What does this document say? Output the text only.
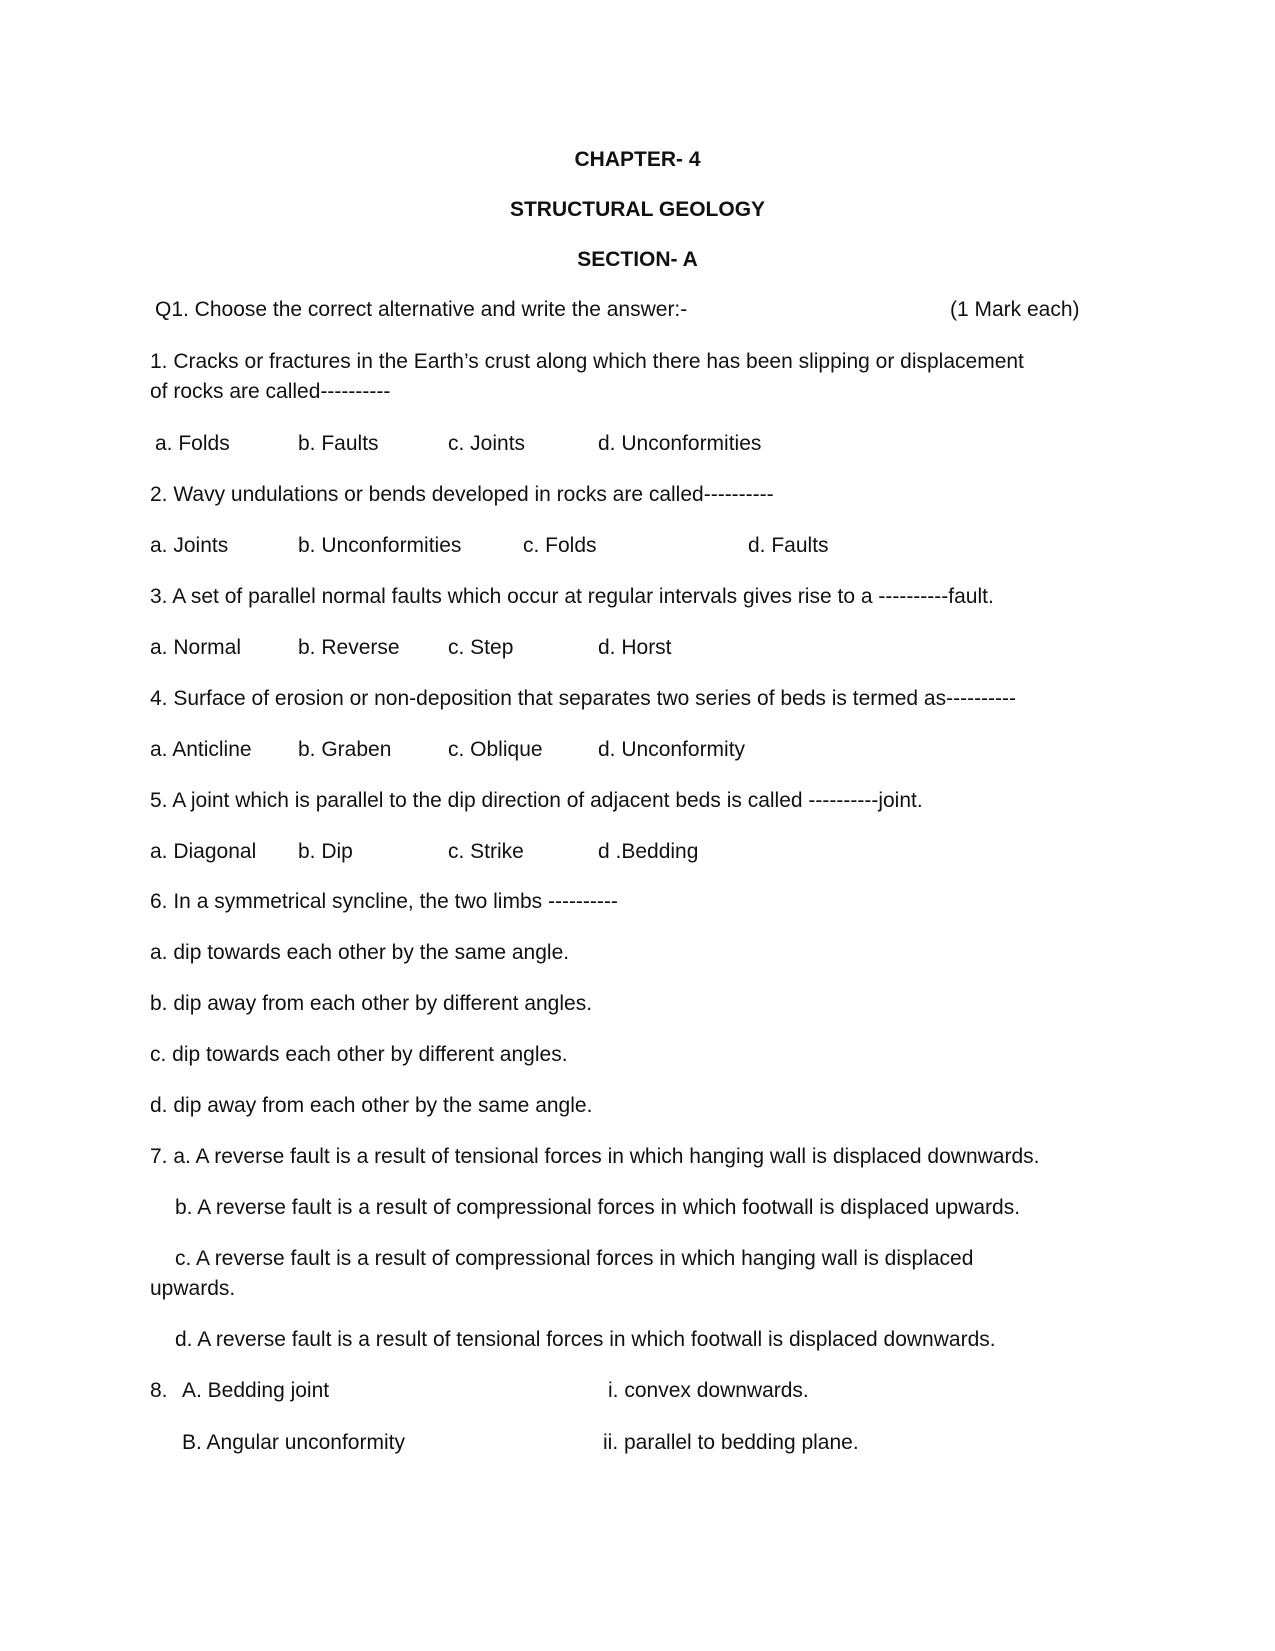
CHAPTER- 4
STRUCTURAL GEOLOGY
SECTION- A
Q1. Choose the correct alternative and write the answer:-	(1 Mark each)
1. Cracks or fractures in the Earth’s crust along which there has been slipping or displacement
of rocks are called----------
a. Folds	b. Faults	c. Joints	d. Unconformities
2. Wavy undulations or bends developed in rocks are called----------
a. Joints	b. Unconformities	c. Folds	d. Faults
3. A set of parallel normal faults which occur at regular intervals gives rise to a ----------fault.
a. Normal	b. Reverse c. Step	d. Horst
4. Surface of erosion or non-deposition that separates two series of beds is termed as----------
a. Anticline b. Graben	c. Oblique	d. Unconformity
5. A joint which is parallel to the dip direction of adjacent beds is called ----------joint.
a. Diagonal b. Dip	c. Strike	d .Bedding
6. In a symmetrical syncline, the two limbs ----------
a. dip towards each other by the same angle.
b. dip away from each other by different angles.
c. dip towards each other by different angles.
d. dip away from each other by the same angle.
7. a. A reverse fault is a result of tensional forces in which hanging wall is displaced downwards.
b. A reverse fault is a result of compressional forces in which footwall is displaced upwards.
c. A reverse fault is a result of compressional forces in which hanging wall is displaced
upwards.
d. A reverse fault is a result of tensional forces in which footwall is displaced downwards.
8. A. Bedding joint	i. convex downwards.
B. Angular unconformity	ii. parallel to bedding plane.
